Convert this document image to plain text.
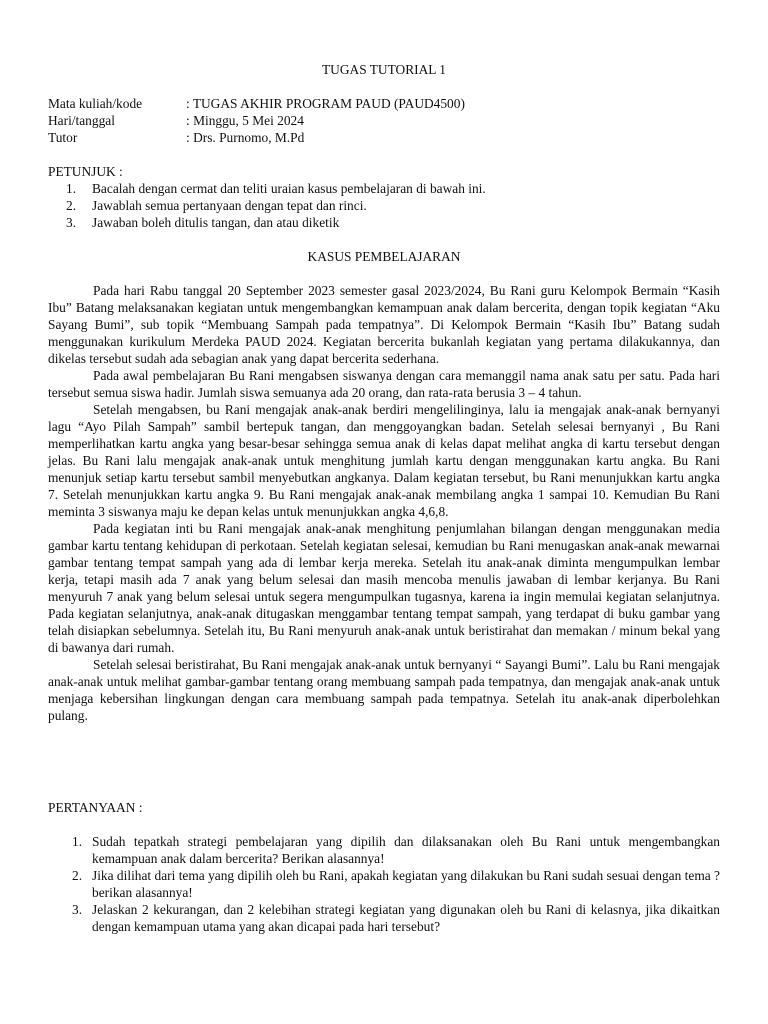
TUGAS TUTORIAL 1
Mata kuliah/kode	: TUGAS AKHIR PROGRAM PAUD (PAUD4500)
Hari/tanggal	: Minggu, 5 Mei 2024
Tutor	: Drs. Purnomo, M.Pd
PETUNJUK :
1.	Bacalah dengan cermat dan teliti uraian kasus pembelajaran di bawah ini.
2.	Jawablah semua pertanyaan dengan tepat dan rinci.
3.	Jawaban boleh ditulis tangan, dan atau diketik
KASUS PEMBELAJARAN

Pada hari Rabu tanggal 20 September 2023 semester gasal 2023/2024, Bu Rani guru Kelompok Bermain “Kasih Ibu” Batang melaksanakan kegiatan untuk mengembangkan kemampuan anak dalam bercerita, dengan topik kegiatan “Aku Sayang Bumi”, sub topik “Membuang Sampah pada tempatnya”. Di Kelompok Bermain “Kasih Ibu” Batang sudah menggunakan kurikulum Merdeka PAUD 2024. Kegiatan bercerita bukanlah kegiatan yang pertama dilakukannya, dan dikelas tersebut sudah ada sebagian anak yang dapat bercerita sederhana.

Pada awal pembelajaran Bu Rani mengabsen siswanya dengan cara memanggil nama anak satu per satu. Pada hari tersebut semua siswa hadir. Jumlah siswa semuanya ada 20 orang, dan rata-rata berusia 3 – 4 tahun.

Setelah mengabsen, bu Rani mengajak anak-anak berdiri mengelilinginya, lalu ia mengajak anak-anak bernyanyi lagu “Ayo Pilah Sampah” sambil bertepuk tangan, dan menggoyangkan badan. Setelah selesai bernyanyi , Bu Rani memperlihatkan kartu angka yang besar-besar sehingga semua anak di kelas dapat melihat angka di kartu tersebut dengan jelas. Bu Rani lalu mengajak anak-anak untuk menghitung jumlah kartu dengan menggunakan kartu angka. Bu Rani menunjuk setiap kartu tersebut sambil menyebutkan angkanya. Dalam kegiatan tersebut, bu Rani menunjukkan kartu angka 7. Setelah menunjukkan kartu angka 9. Bu Rani mengajak anak-anak membilang angka 1 sampai 10. Kemudian Bu Rani meminta 3 siswanya maju ke depan kelas untuk menunjukkan angka 4,6,8.

Pada kegiatan inti bu Rani mengajak anak-anak menghitung penjumlahan bilangan dengan menggunakan media gambar kartu tentang kehidupan di perkotaan. Setelah kegiatan selesai, kemudian bu Rani menugaskan anak-anak mewarnai gambar tentang tempat sampah yang ada di lembar kerja mereka. Setelah itu anak-anak diminta mengumpulkan lembar kerja, tetapi masih ada 7 anak yang belum selesai dan masih mencoba menulis jawaban di lembar kerjanya. Bu Rani menyuruh 7 anak yang belum selesai untuk segera mengumpulkan tugasnya, karena ia ingin memulai kegiatan selanjutnya. Pada kegiatan selanjutnya, anak-anak ditugaskan menggambar tentang tempat sampah, yang terdapat di buku gambar yang telah disiapkan sebelumnya. Setelah itu, Bu Rani menyuruh anak-anak untuk beristirahat dan memakan / minum bekal yang di bawanya dari rumah.

Setelah selesai beristirahat, Bu Rani mengajak anak-anak untuk bernyanyi “ Sayangi Bumi”. Lalu bu Rani mengajak anak-anak untuk melihat gambar-gambar tentang orang membuang sampah pada tempatnya, dan mengajak anak-anak untuk menjaga kebersihan lingkungan dengan cara membuang sampah pada tempatnya. Setelah itu anak-anak diperbolehkan pulang.

PERTANYAAN :
1. Sudah tepatkah strategi pembelajaran yang dipilih dan dilaksanakan oleh Bu Rani untuk mengembangkan kemampuan anak dalam bercerita? Berikan alasannya!
2. Jika dilihat dari tema yang dipilih oleh bu Rani, apakah kegiatan yang dilakukan bu Rani sudah sesuai dengan tema ? berikan alasannya!
3. Jelaskan 2 kekurangan, dan 2 kelebihan strategi kegiatan yang digunakan oleh bu Rani di kelasnya, jika dikaitkan dengan kemampuan utama yang akan dicapai pada hari tersebut?
